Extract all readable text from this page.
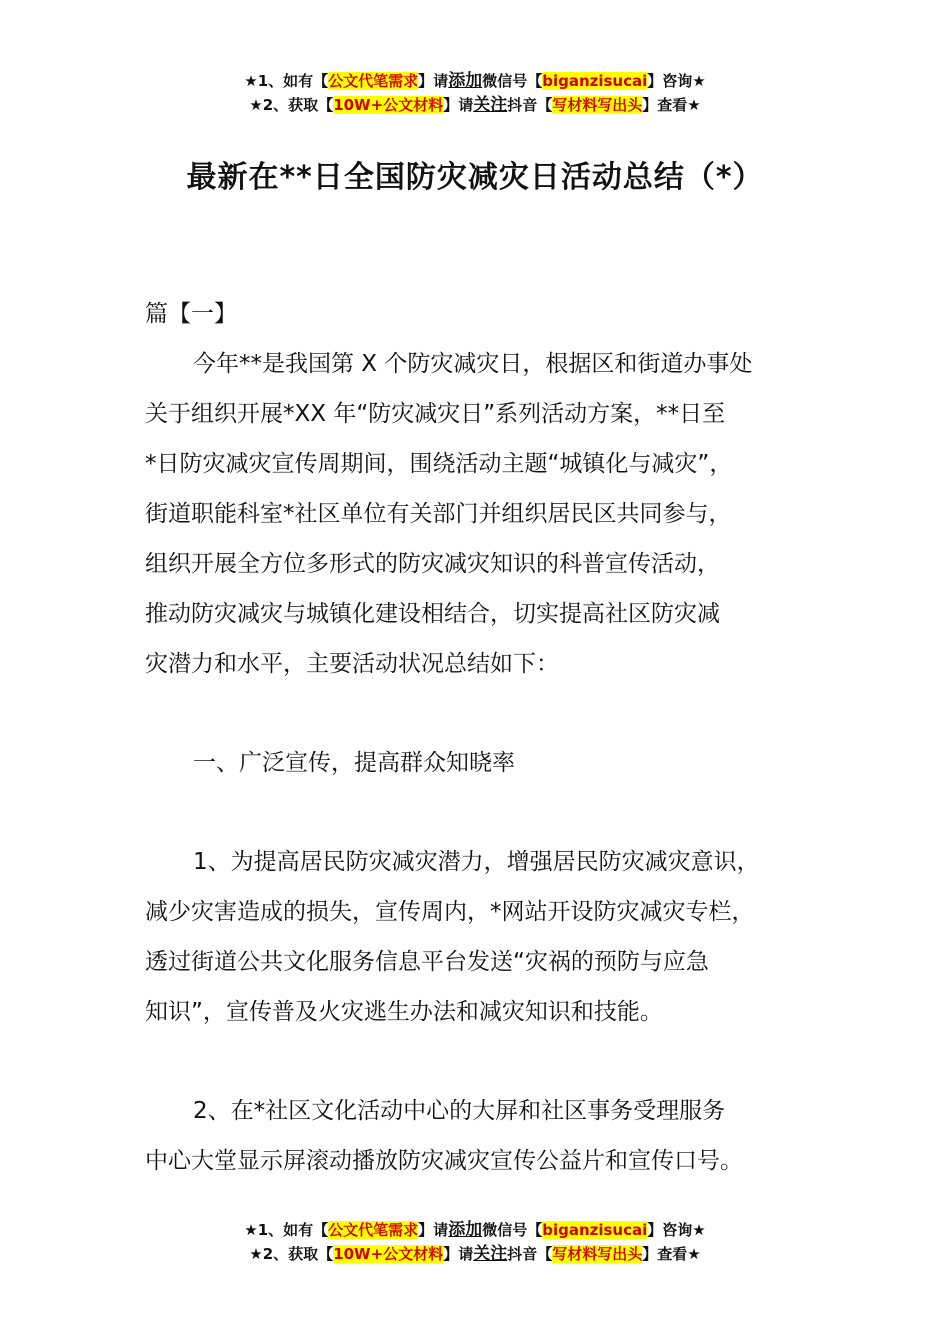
★1、如有【公文代笔需求】请添加微信号【biganzisucai】咨询★
★2、获取【10W+公文材料】请关注抖音【写材料写出头】查看★
最新在**日全国防灾减灾日活动总结（*）
篇【一】
今年**是我国第 X 个防灾减灾日，根据区和街道办事处
关于组织开展*XX 年“防灾减灾日”系列活动方案，**日至
*日防灾减灾宣传周期间，围绕活动主题“城镇化与减灾”，
街道职能科室*社区单位有关部门并组织居民区共同参与，
组织开展全方位多形式的防灾减灾知识的科普宣传活动，
推动防灾减灾与城镇化建设相结合，切实提高社区防灾减
灾潜力和水平，主要活动状况总结如下：
一、广泛宣传，提高群众知晓率
1、为提高居民防灾减灾潜力，增强居民防灾减灾意识，
减少灾害造成的损失，宣传周内，*网站开设防灾减灾专栏，
透过街道公共文化服务信息平台发送“灾祸的预防与应急
知识”，宣传普及火灾逃生办法和减灾知识和技能。
2、在*社区文化活动中心的大屏和社区事务受理服务
中心大堂显示屏滚动播放防灾减灾宣传公益片和宣传口号。
★1、如有【公文代笔需求】请添加微信号【biganzisucai】咨询★
★2、获取【10W+公文材料】请关注抖音【写材料写出头】查看★
